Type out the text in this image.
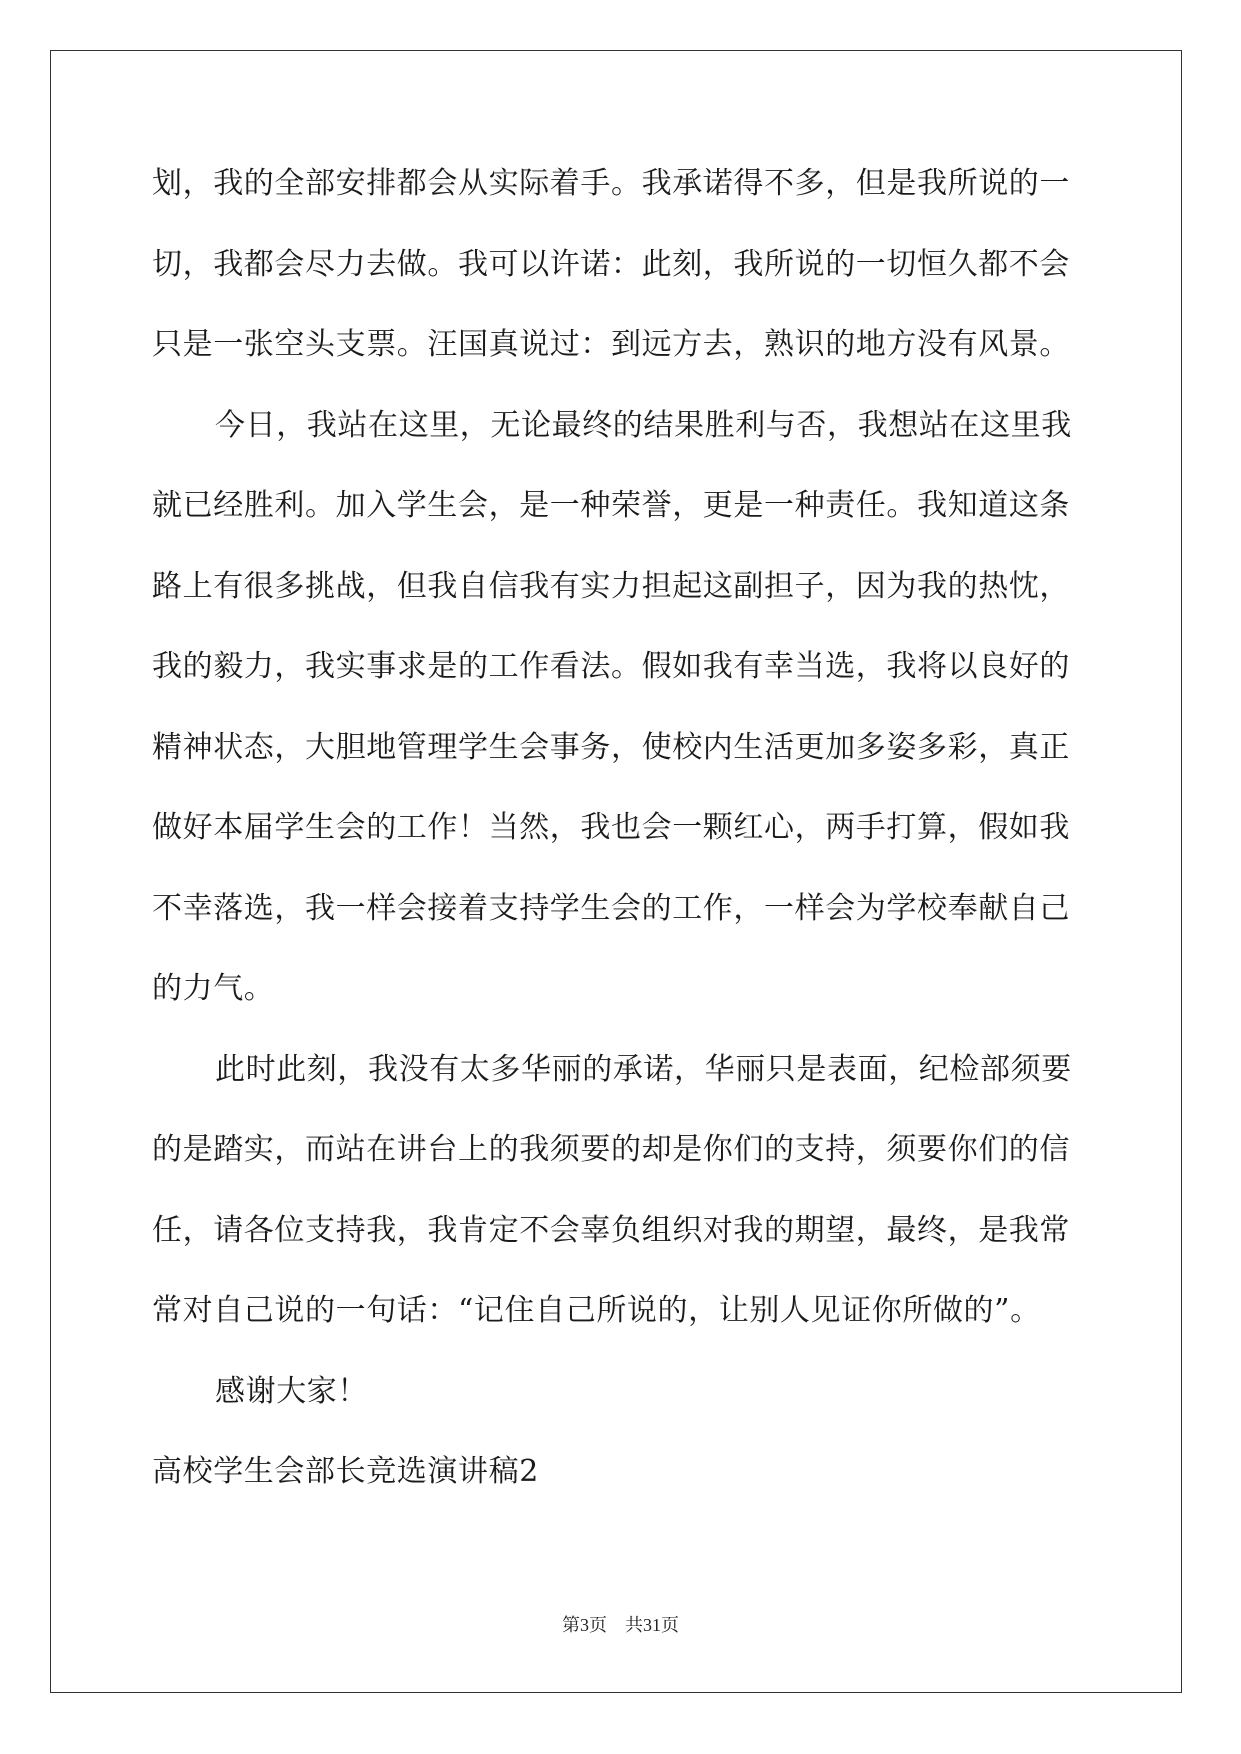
划，我的全部安排都会从实际着手。我承诺得不多，但是我所说的一
切，我都会尽力去做。我可以许诺：此刻，我所说的一切恒久都不会
只是一张空头支票。汪国真说过：到远方去，熟识的地方没有风景。
今日，我站在这里，无论最终的结果胜利与否，我想站在这里我
就已经胜利。加入学生会，是一种荣誉，更是一种责任。我知道这条
路上有很多挑战，但我自信我有实力担起这副担子，因为我的热忱，
我的毅力，我实事求是的工作看法。假如我有幸当选，我将以良好的
精神状态，大胆地管理学生会事务，使校内生活更加多姿多彩，真正
做好本届学生会的工作！当然，我也会一颗红心，两手打算，假如我
不幸落选，我一样会接着支持学生会的工作，一样会为学校奉献自己
的力气。
此时此刻，我没有太多华丽的承诺，华丽只是表面，纪检部须要
的是踏实，而站在讲台上的我须要的却是你们的支持，须要你们的信
任，请各位支持我，我肯定不会辜负组织对我的期望，最终，是我常
常对自己说的一句话：“记住自己所说的，让别人见证你所做的”。
感谢大家！
高校学生会部长竞选演讲稿2
第3页 共31页
